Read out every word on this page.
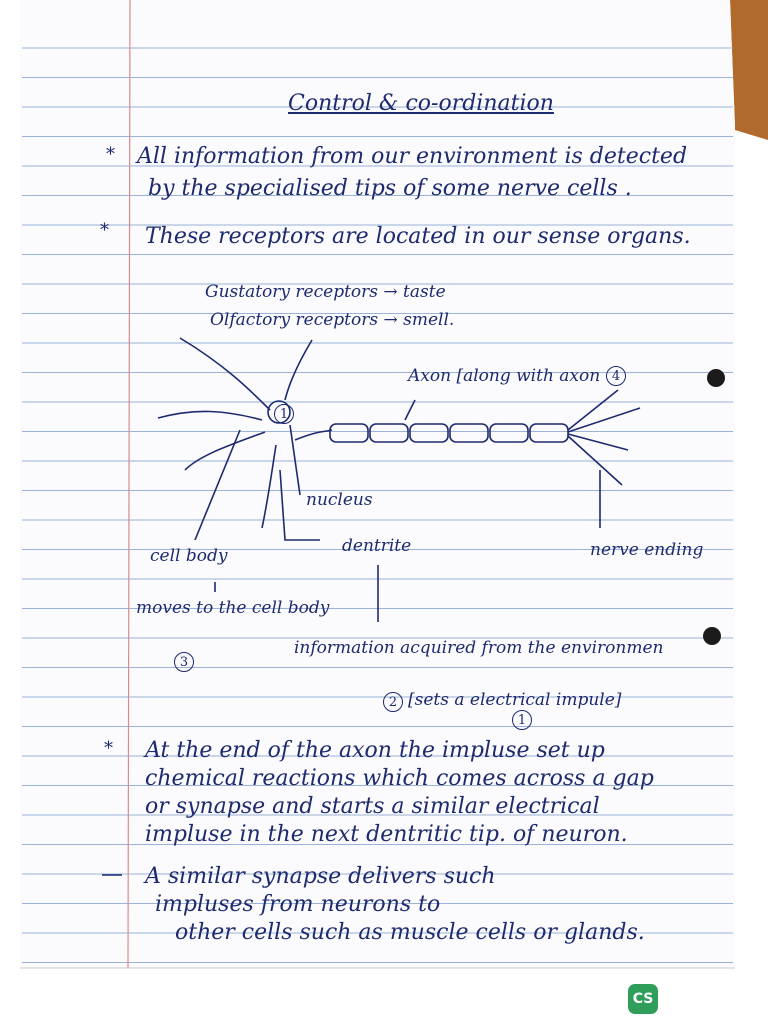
Control & co-ordination
* All information from our environment is detected
by the specialised tips of some nerve cells .
* These receptors are located in our sense organs.
Gustatory receptors → taste
Olfactory receptors → smell.
Axon [along with axon 4
1
nucleus
dentrite
cell body	nerve ending
moves to the cell body
3
information acquired from the environmen
2 [sets a electrical impule]
1
* At the end of the axon the impluse set up
chemical reactions which comes across a gap
or synapse and starts a similar electrical
impluse in the next dentritic tip. of neuron.
A similar synapse delivers such
impluses from neurons to
other cells such as muscle cells or glands.
CS
